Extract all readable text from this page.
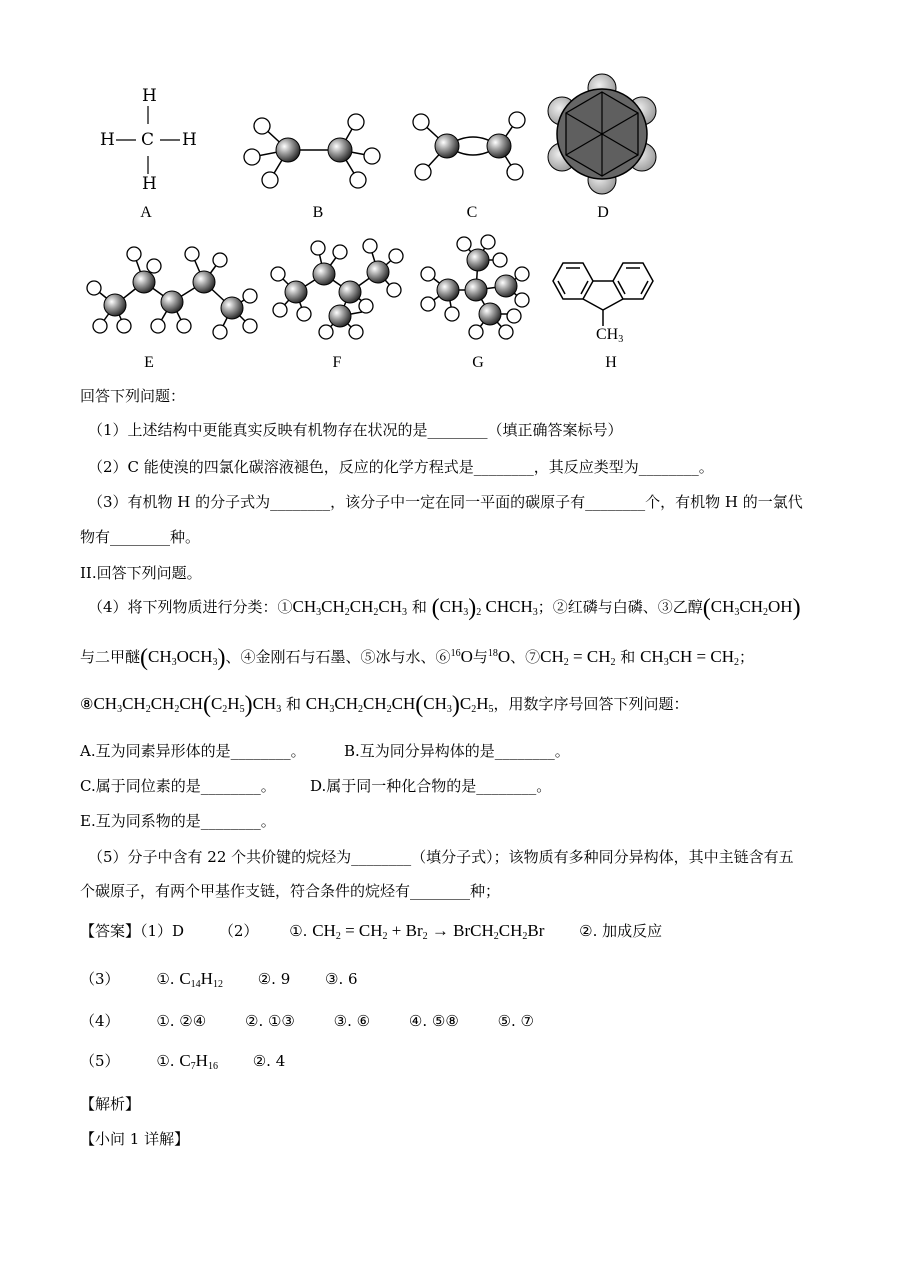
H
H C H
H
A	B	C	D
$CH_3$
E	F	G	H
回答下列问题：
（1）上述结构中更能真实反映有机物存在状况的是________（填正确答案标号）
（2）C 能使溴的四氯化碳溶液褪色，反应的化学方程式是________，其反应类型为________。
（3）有机物 H 的分子式为________，该分子中一定在同一平面的碳原子有________个，有机物 H 的一氯代
物有________种。
II.回答下列问题。
（4）将下列物质进行分类：$①CH_3CH_2CH_2CH_3$ 和 $(CH_3)_2$ $CHCH_3$；②红磷与白磷、③乙醇$(CH_3CH_2OH)$
与二甲醚$(CH_3OCH_3)$、④金刚石与石墨、⑤冰与水、⑥$^{16}$O与$^{18}$O、$⑦CH_2 = CH_2$ 和 $CH_3CH = CH_2$；
$⑧CH_3CH_2CH_2CH(C_2H_5)CH_3$ 和 $CH_3CH_2CH_2CH(CH_3)C_2H_5$，用数字序号回答下列问题：
A.互为同素异形体的是________。	B.互为同分异构体的是________。
C.属于同位素的是________。 D.属于同一种化合物的是________。
E.互为同系物的是________。
（5）分子中含有 22 个共价键的烷烃为________（填分子式）；该物质有多种同分异构体，其中主链含有五
个碳原子，有两个甲基作支链，符合条件的烷烃有________种；
【答案】（1）D （2） ①. $CH_2 = CH_2 + Br_2$ → $BrCH_2CH_2Br$ ②. 加成反应
（3） ①. $C_{14}H_{12}$ ②. 9 ③. 6
（4） ①. ②④	②. ①③	③. ⑥	④. ⑤⑧	⑤. ⑦
（5） ①. $C_7H_{16}$ ②. 4
【解析】
【小问 1 详解】
